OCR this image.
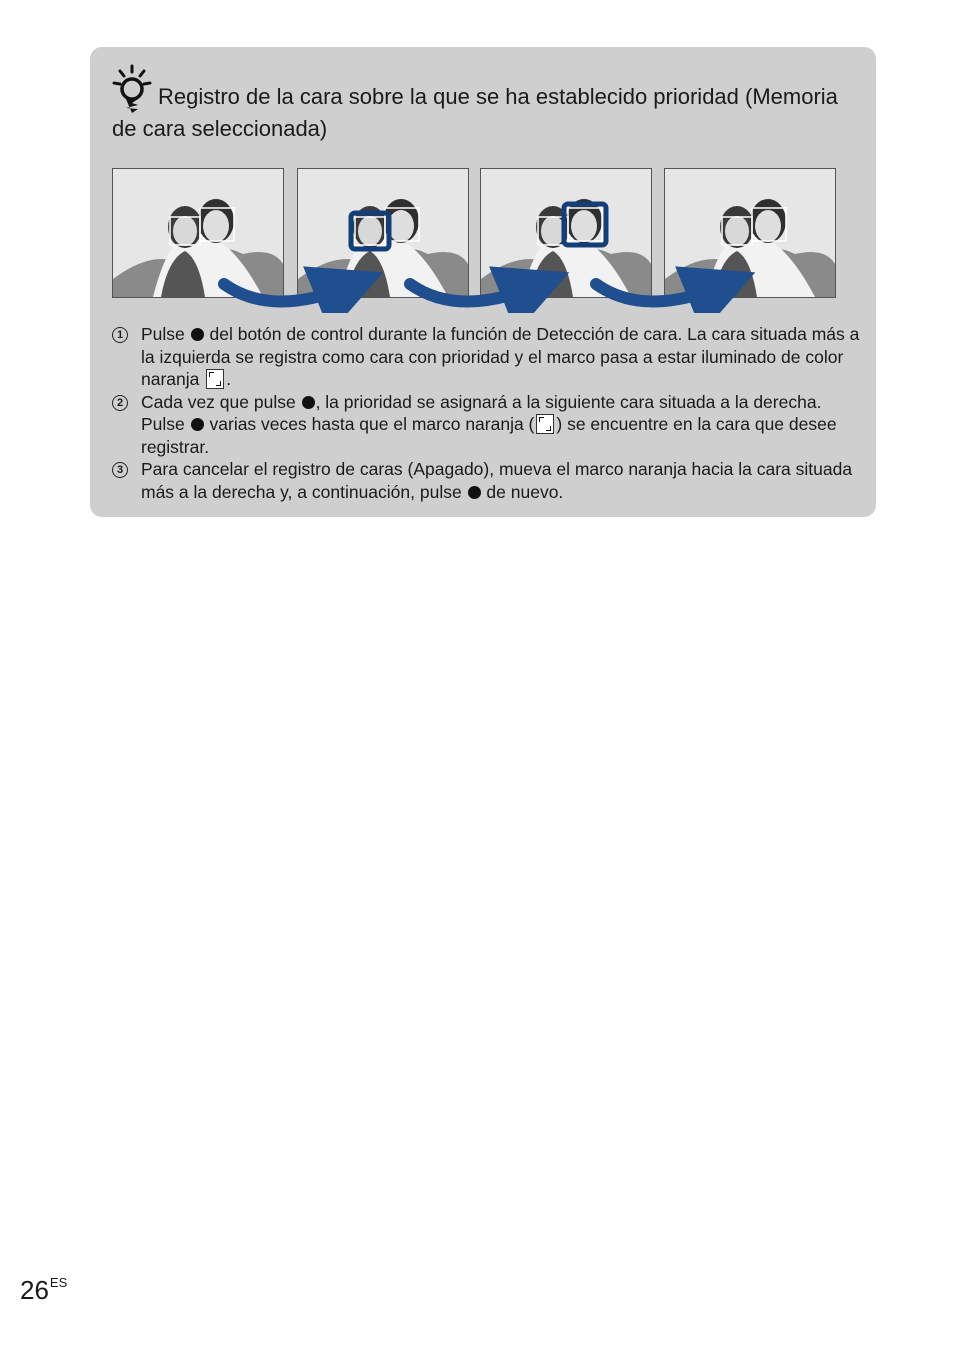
Registro de la cara sobre la que se ha establecido prioridad (Memoria de cara seleccionada)
1 Pulse  del botón de control durante la función de Detección de cara. La cara situada más a la izquierda se registra como cara con prioridad y el marco pasa a estar iluminado de color naranja .
2 Cada vez que pulse , la prioridad se asignará a la siguiente cara situada a la derecha. Pulse  varias veces hasta que el marco naranja ( ) se encuentre en la cara que desee registrar.
3 Para cancelar el registro de caras (Apagado), mueva el marco naranja hacia la cara situada más a la derecha y, a continuación, pulse  de nuevo.
$26^{ES}$
